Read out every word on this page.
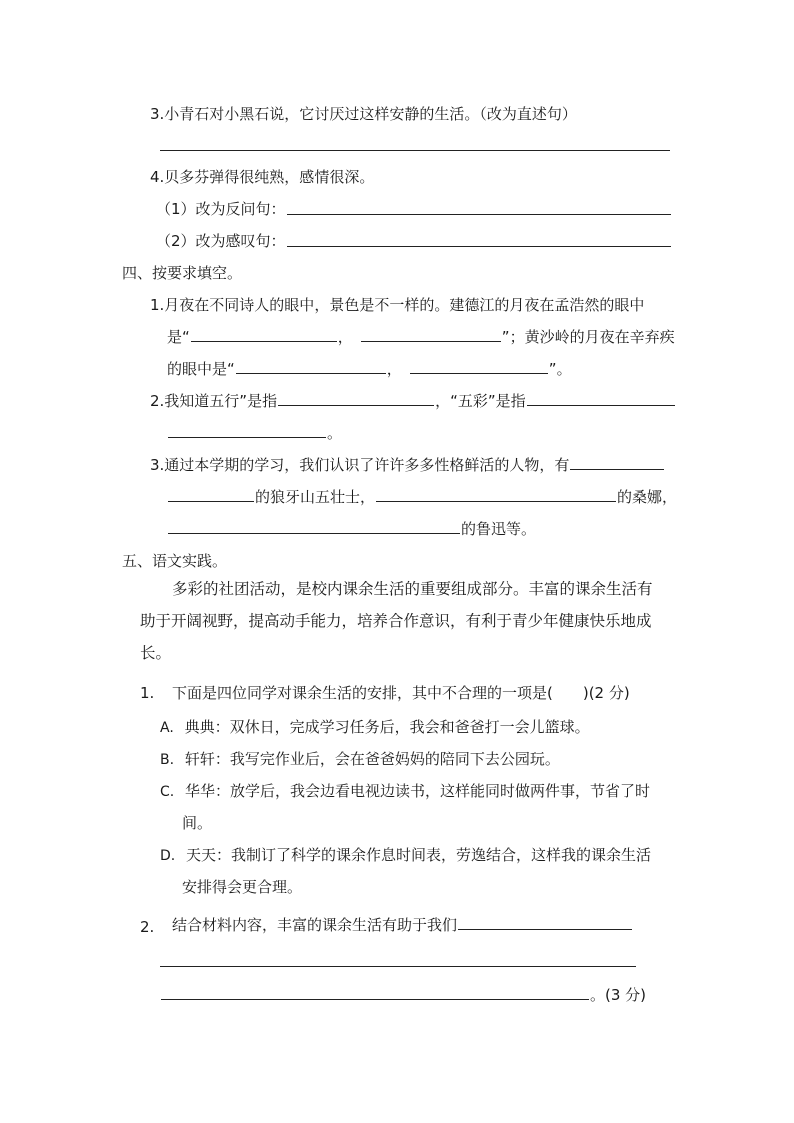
3.小青石对小黑石说，它讨厌过这样安静的生活。（改为直述句）
4.贝多芬弹得很纯熟，感情很深。
（1）改为反问句：
（2）改为感叹句：
四、按要求填空。
1.月夜在不同诗人的眼中，景色是不一样的。建德江的月夜在孟浩然的眼中
是“	，	”；黄沙岭的月夜在辛弃疾
的眼中是“	，	”。
2.我知道五行”是指	，“五彩”是指
。
3.通过本学期的学习，我们认识了许许多多性格鲜活的人物，有
的狼牙山五壮士，	的桑娜，
的鲁迅等。
五、语文实践。
多彩的社团活动，是校内课余生活的重要组成部分。丰富的课余生活有
助于开阔视野，提高动手能力，培养合作意识，有利于青少年健康快乐地成
长。
1. 下面是四位同学对课余生活的安排，其中不合理的一项是(　　)(2 分)
A. 典典：双休日，完成学习任务后，我会和爸爸打一会儿篮球。
B. 轩轩：我写完作业后，会在爸爸妈妈的陪同下去公园玩。
C. 华华：放学后，我会边看电视边读书，这样能同时做两件事，节省了时
间。
D. 天天：我制订了科学的课余作息时间表，劳逸结合，这样我的课余生活
安排得会更合理。
2. 结合材料内容，丰富的课余生活有助于我们
。(3 分)
